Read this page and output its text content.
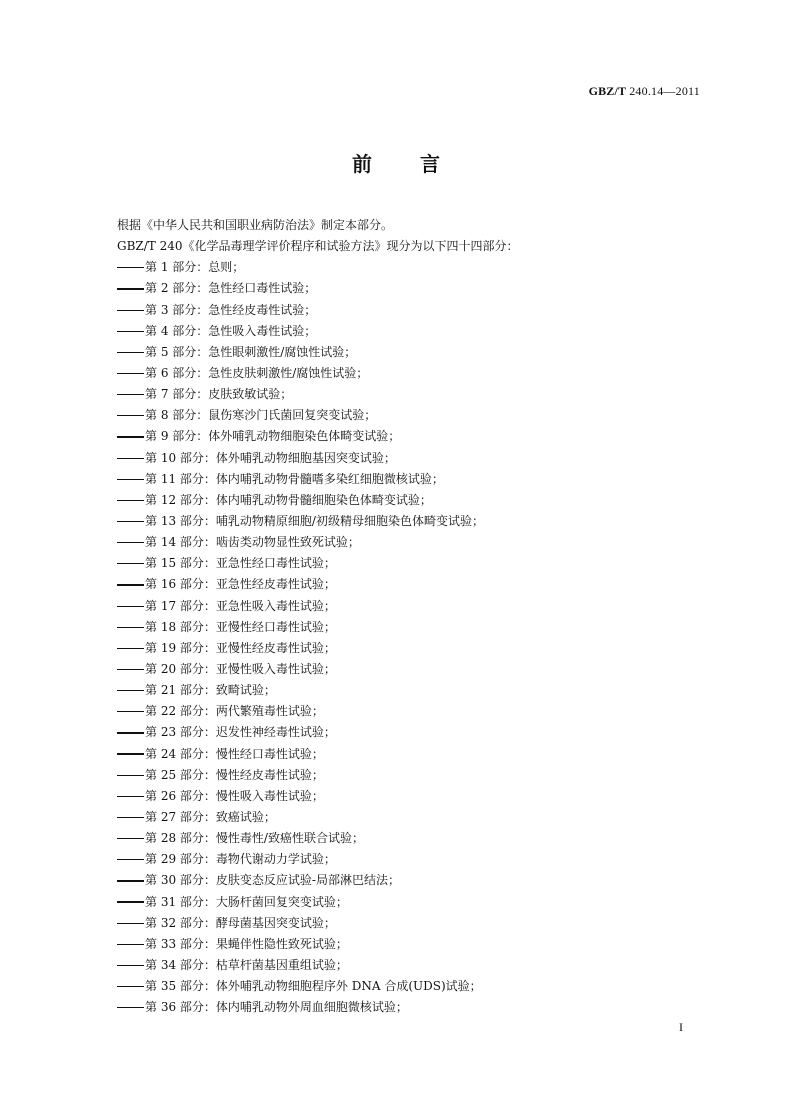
GBZ/T 240.14—2011
前言

根据《中华人民共和国职业病防治法》制定本部分。

GBZ/T 240《化学品毒理学评价程序和试验方法》现分为以下四十四部分：

第 1 部分：总则；
第 2 部分：急性经口毒性试验；
第 3 部分：急性经皮毒性试验；
第 4 部分：急性吸入毒性试验；
第 5 部分：急性眼刺激性/腐蚀性试验；
第 6 部分：急性皮肤刺激性/腐蚀性试验；
第 7 部分：皮肤致敏试验；
第 8 部分：鼠伤寒沙门氏菌回复突变试验；
第 9 部分：体外哺乳动物细胞染色体畸变试验；
第 10 部分：体外哺乳动物细胞基因突变试验；
第 11 部分：体内哺乳动物骨髓嗜多染红细胞微核试验；
第 12 部分：体内哺乳动物骨髓细胞染色体畸变试验；
第 13 部分：哺乳动物精原细胞/初级精母细胞染色体畸变试验；
第 14 部分：啮齿类动物显性致死试验；
第 15 部分：亚急性经口毒性试验；
第 16 部分：亚急性经皮毒性试验；
第 17 部分：亚急性吸入毒性试验；
第 18 部分：亚慢性经口毒性试验；
第 19 部分：亚慢性经皮毒性试验；
第 20 部分：亚慢性吸入毒性试验；
第 21 部分：致畸试验；
第 22 部分：两代繁殖毒性试验；
第 23 部分：迟发性神经毒性试验；
第 24 部分：慢性经口毒性试验；
第 25 部分：慢性经皮毒性试验；
第 26 部分：慢性吸入毒性试验；
第 27 部分：致癌试验；
第 28 部分：慢性毒性/致癌性联合试验；
第 29 部分：毒物代谢动力学试验；
第 30 部分：皮肤变态反应试验-局部淋巴结法；
第 31 部分：大肠杆菌回复突变试验；
第 32 部分：酵母菌基因突变试验；
第 33 部分：果蝇伴性隐性致死试验；
第 34 部分：枯草杆菌基因重组试验；
第 35 部分：体外哺乳动物细胞程序外 DNA 合成(UDS)试验；
第 36 部分：体内哺乳动物外周血细胞微核试验；
I
